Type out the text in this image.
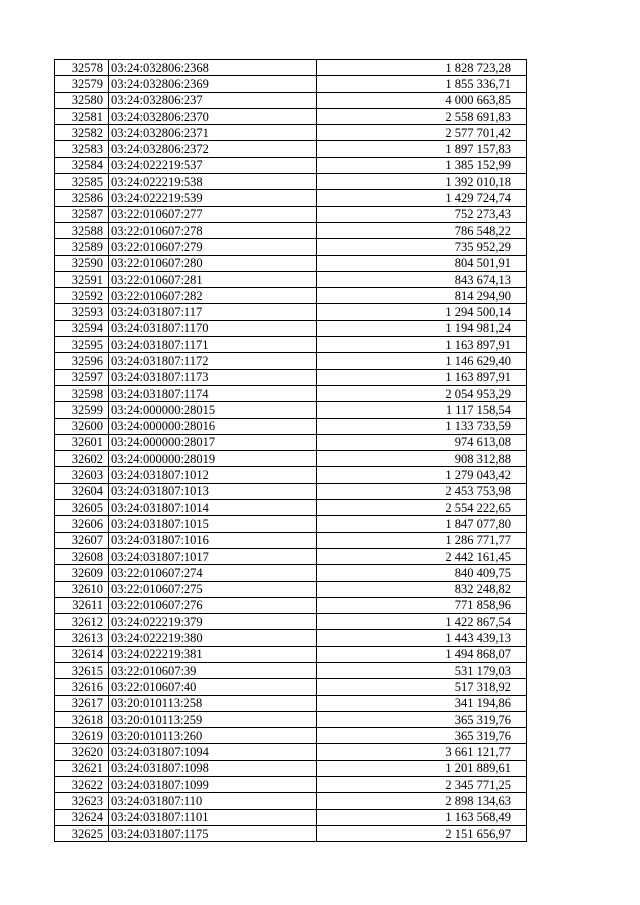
32578	03:24:032806:2368	1 828 723,28
32579	03:24:032806:2369	1 855 336,71
32580	03:24:032806:237	4 000 663,85
32581	03:24:032806:2370	2 558 691,83
32582	03:24:032806:2371	2 577 701,42
32583	03:24:032806:2372	1 897 157,83
32584	03:24:022219:537	1 385 152,99
32585	03:24:022219:538	1 392 010,18
32586	03:24:022219:539	1 429 724,74
32587	03:22:010607:277	752 273,43
32588	03:22:010607:278	786 548,22
32589	03:22:010607:279	735 952,29
32590	03:22:010607:280	804 501,91
32591	03:22:010607:281	843 674,13
32592	03:22:010607:282	814 294,90
32593	03:24:031807:117	1 294 500,14
32594	03:24:031807:1170	1 194 981,24
32595	03:24:031807:1171	1 163 897,91
32596	03:24:031807:1172	1 146 629,40
32597	03:24:031807:1173	1 163 897,91
32598	03:24:031807:1174	2 054 953,29
32599	03:24:000000:28015	1 117 158,54
32600	03:24:000000:28016	1 133 733,59
32601	03:24:000000:28017	974 613,08
32602	03:24:000000:28019	908 312,88
32603	03:24:031807:1012	1 279 043,42
32604	03:24:031807:1013	2 453 753,98
32605	03:24:031807:1014	2 554 222,65
32606	03:24:031807:1015	1 847 077,80
32607	03:24:031807:1016	1 286 771,77
32608	03:24:031807:1017	2 442 161,45
32609	03:22:010607:274	840 409,75
32610	03:22:010607:275	832 248,82
32611	03:22:010607:276	771 858,96
32612	03:24:022219:379	1 422 867,54
32613	03:24:022219:380	1 443 439,13
32614	03:24:022219:381	1 494 868,07
32615	03:22:010607:39	531 179,03
32616	03:22:010607:40	517 318,92
32617	03:20:010113:258	341 194,86
32618	03:20:010113:259	365 319,76
32619	03:20:010113:260	365 319,76
32620	03:24:031807:1094	3 661 121,77
32621	03:24:031807:1098	1 201 889,61
32622	03:24:031807:1099	2 345 771,25
32623	03:24:031807:110	2 898 134,63
32624	03:24:031807:1101	1 163 568,49
32625	03:24:031807:1175	2 151 656,97
